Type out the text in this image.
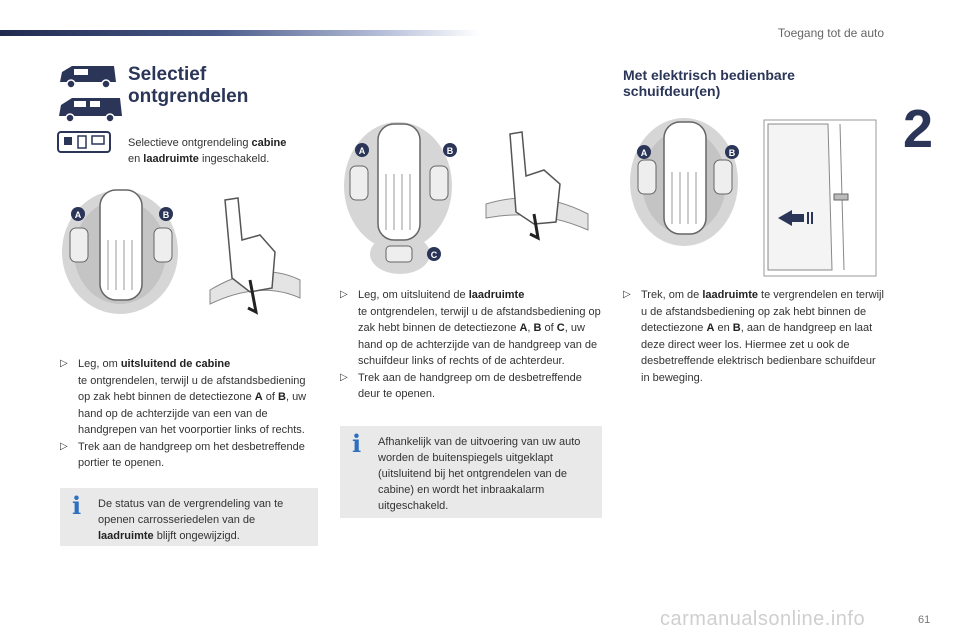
Toegang tot de auto
2
61
Selectief
ontgrendelen
Selectieve ontgrendeling cabine
en laadruimte ingeschakeld.
A	B

▷ Leg, om uitsluitend de cabine
te ontgrendelen, terwijl u de afstandsbediening op zak hebt binnen de detectiezone A of B, uw hand op de achterzijde van een van de handgrepen van het voorportier links of rechts.

▷ Trek aan de handgreep om het desbetreffende portier te openen.

i De status van de vergrendeling van te openen carrosseriedelen van de laadruimte blijft ongewijzigd.
A	B
C

▷ Leg, om uitsluitend de laadruimte
te ontgrendelen, terwijl u de afstandsbediening op zak hebt binnen de detectiezone A, B of C, uw hand op de achterzijde van de handgreep van de schuifdeur links of rechts of de achterdeur.

▷ Trek aan de handgreep om de desbetreffende deur te openen.

i Afhankelijk van de uitvoering van uw auto worden de buitenspiegels uitgeklapt (uitsluitend bij het ontgrendelen van de cabine) en wordt het inbraakalarm uitgeschakeld.
Met elektrisch bedienbare schuifdeur(en)
A	B

▷ Trek, om de laadruimte te vergrendelen en terwijl u de afstandsbediening op zak hebt binnen de detectiezone A en B, aan de handgreep en laat deze direct weer los. Hiermee zet u ook de desbetreffende elektrisch bedienbare schuifdeur in beweging.

carmanualsonline.info
